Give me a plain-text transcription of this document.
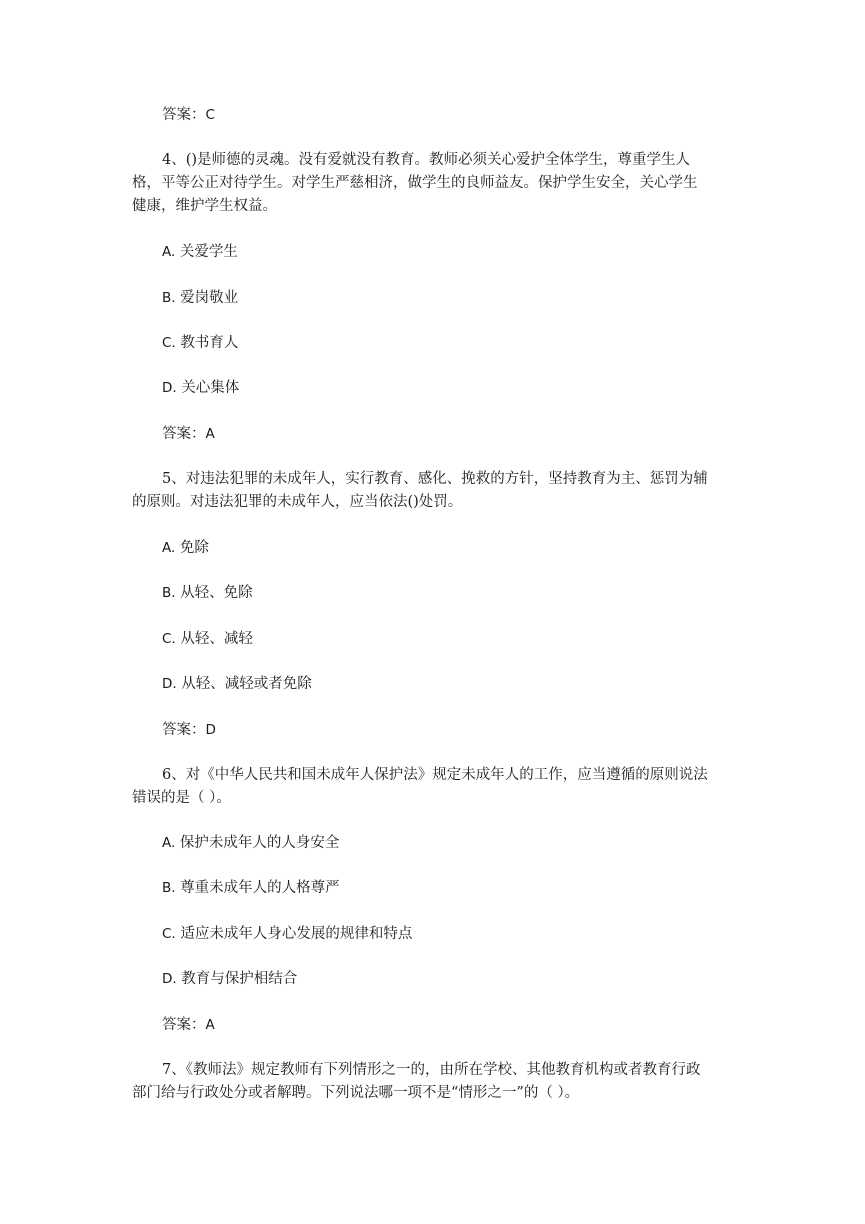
答案：C
4、()是师德的灵魂。没有爱就没有教育。教师必须关心爱护全体学生，尊重学生人
格，平等公正对待学生。对学生严慈相济，做学生的良师益友。保护学生安全，关心学生
健康，维护学生权益。
A. 关爱学生
B. 爱岗敬业
C. 教书育人
D. 关心集体
答案：A
5、对违法犯罪的未成年人，实行教育、感化、挽救的方针，坚持教育为主、惩罚为辅
的原则。对违法犯罪的未成年人，应当依法()处罚。
A. 免除
B. 从轻、免除
C. 从轻、减轻
D. 从轻、减轻或者免除
答案：D
6、对《中华人民共和国未成年人保护法》规定未成年人的工作，应当遵循的原则说法
错误的是（ ）。
A. 保护未成年人的人身安全
B. 尊重未成年人的人格尊严
C. 适应未成年人身心发展的规律和特点
D. 教育与保护相结合
答案：A
7、《教师法》规定教师有下列情形之一的，由所在学校、其他教育机构或者教育行政
部门给与行政处分或者解聘。下列说法哪一项不是“情形之一”的（ ）。
